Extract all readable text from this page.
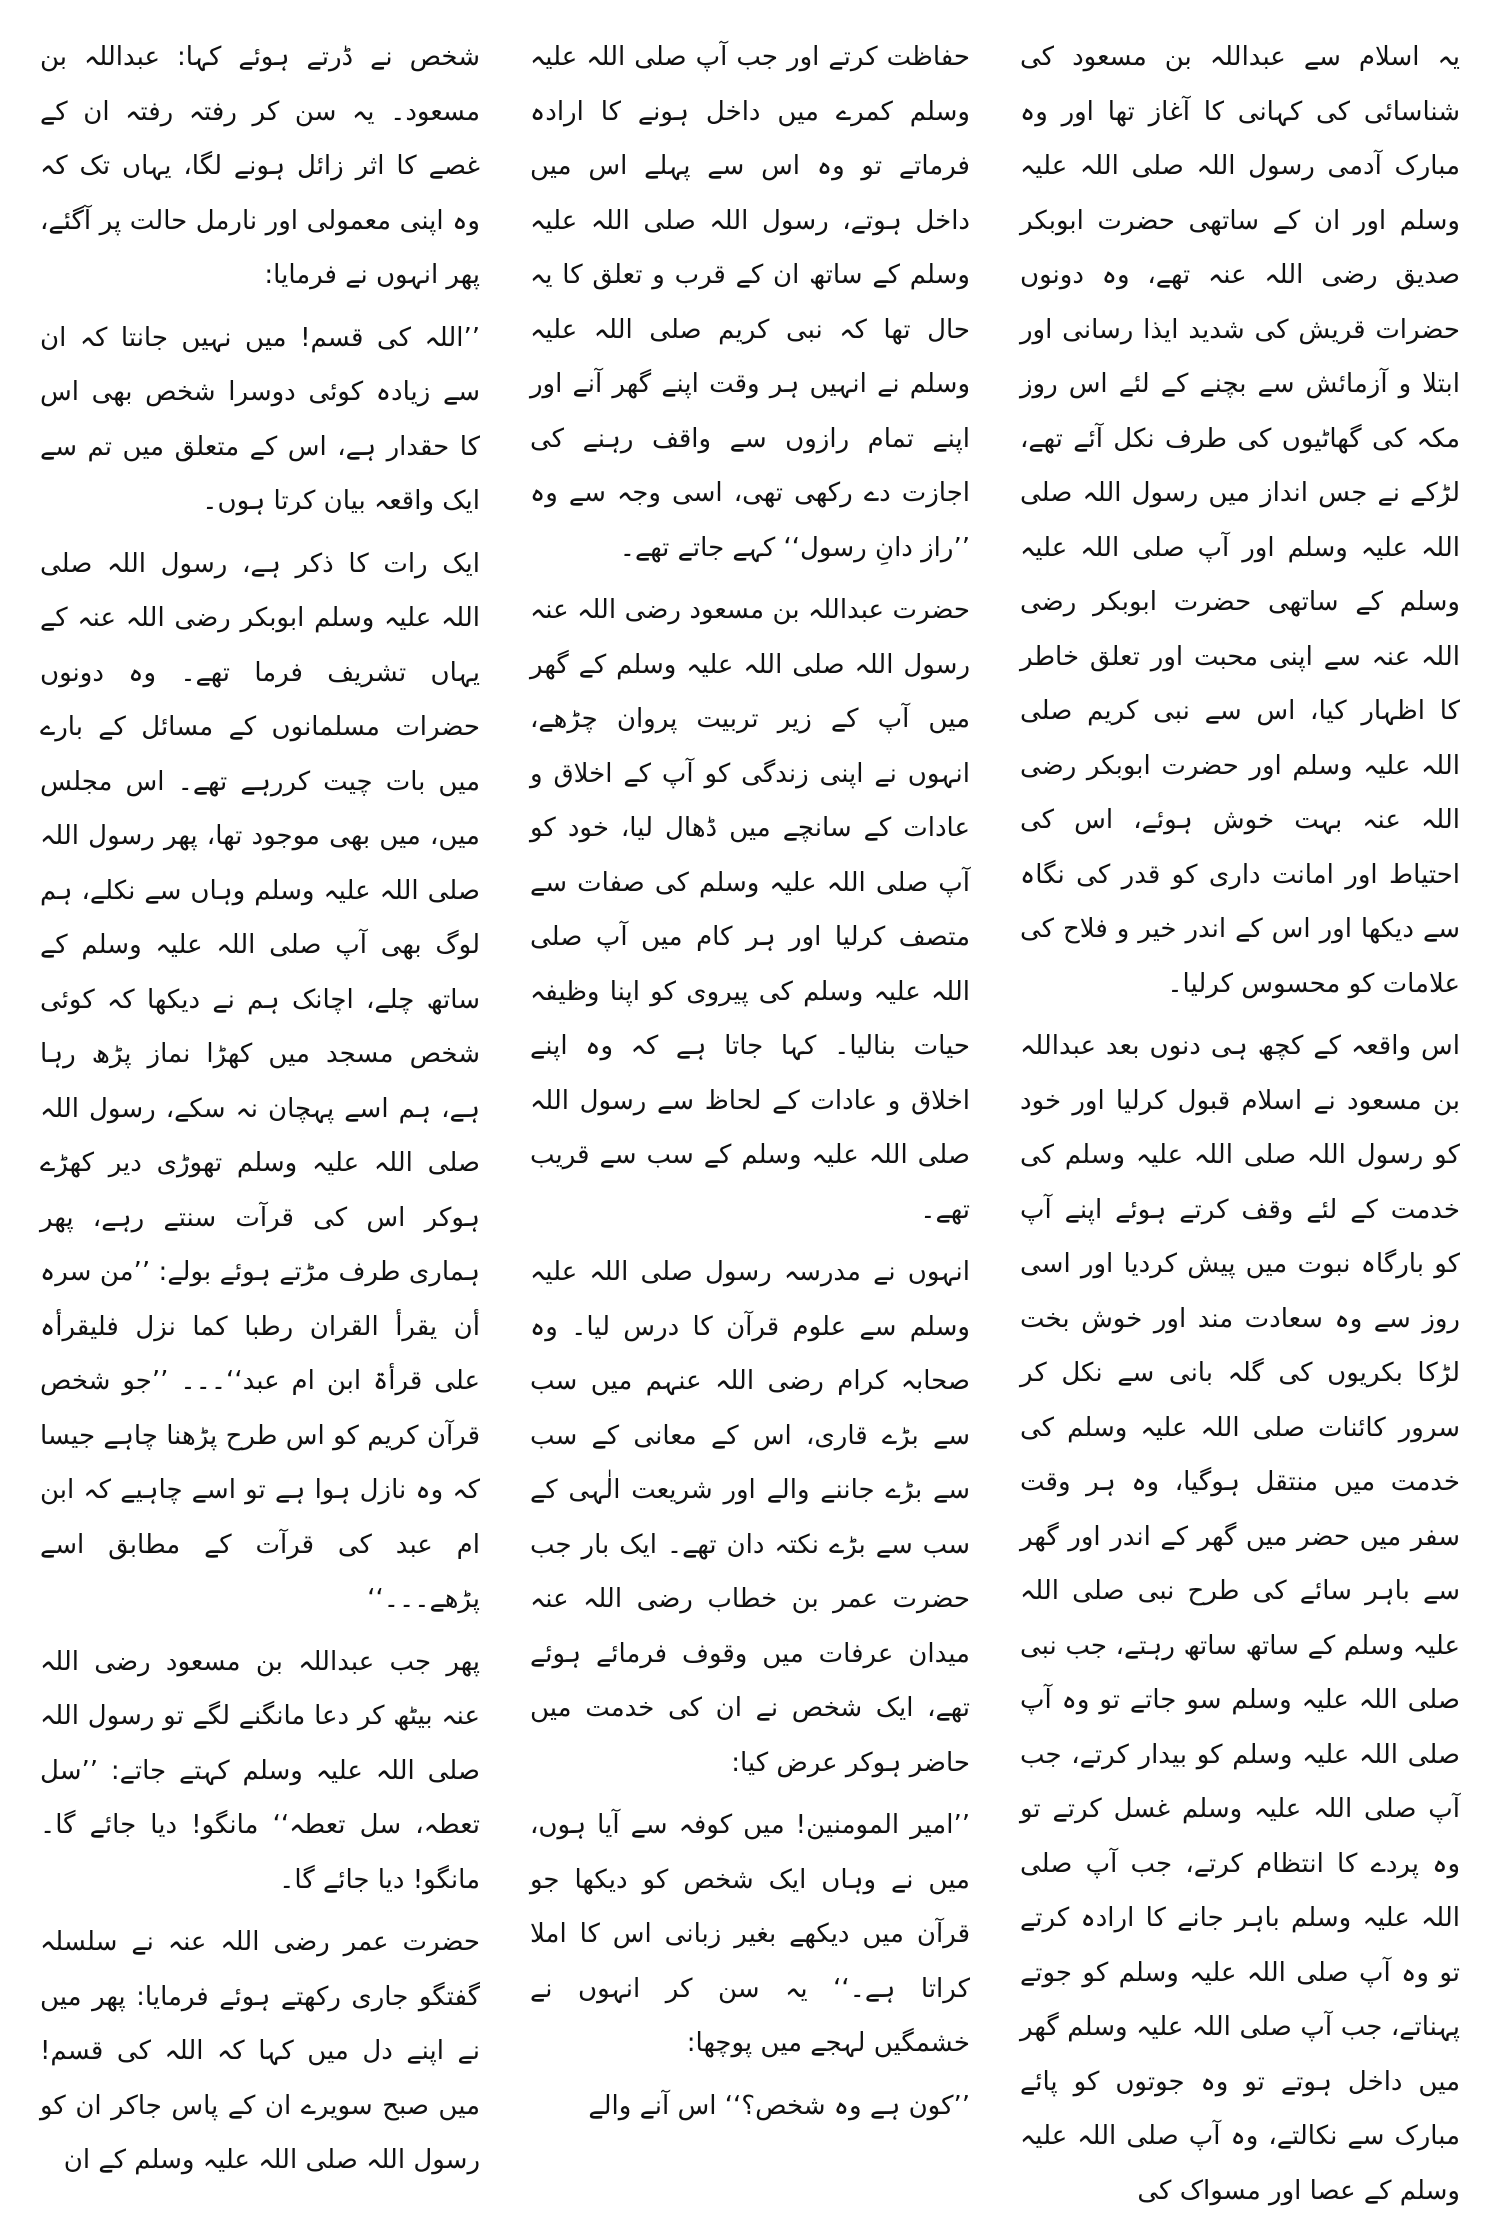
یہ اسلام سے عبداللہ بن مسعود کی شناسائی کی کہانی کا آغاز تھا اور وہ مبارک آدمی رسول اللہ صلی اللہ علیہ وسلم اور ان کے ساتھی حضرت ابوبکر صدیق رضی اللہ عنہ تھے، وہ دونوں حضرات قریش کی شدید ایذا رسانی اور ابتلا و آزمائش سے بچنے کے لئے اس روز مکہ کی گھاٹیوں کی طرف نکل آئے تھے، لڑکے نے جس انداز میں رسول اللہ صلی اللہ علیہ وسلم اور آپ صلی اللہ علیہ وسلم کے ساتھی حضرت ابوبکر رضی اللہ عنہ سے اپنی محبت اور تعلق خاطر کا اظہار کیا، اس سے نبی کریم صلی اللہ علیہ وسلم اور حضرت ابوبکر رضی اللہ عنہ بہت خوش ہوئے، اس کی احتیاط اور امانت داری کو قدر کی نگاہ سے دیکھا اور اس کے اندر خیر و فلاح کی علامات کو محسوس کرلیا۔

اس واقعہ کے کچھ ہی دنوں بعد عبداللہ بن مسعود نے اسلام قبول کرلیا اور خود کو رسول اللہ صلی اللہ علیہ وسلم کی خدمت کے لئے وقف کرتے ہوئے اپنے آپ کو بارگاہ نبوت میں پیش کردیا اور اسی روز سے وہ سعادت مند اور خوش بخت لڑکا بکریوں کی گلہ بانی سے نکل کر سرور کائنات صلی اللہ علیہ وسلم کی خدمت میں منتقل ہوگیا، وہ ہر وقت سفر میں حضر میں گھر کے اندر اور گھر سے باہر سائے کی طرح نبی صلی اللہ علیہ وسلم کے ساتھ ساتھ رہتے، جب نبی صلی اللہ علیہ وسلم سو جاتے تو وہ آپ صلی اللہ علیہ وسلم کو بیدار کرتے، جب آپ صلی اللہ علیہ وسلم غسل کرتے تو وہ پردے کا انتظام کرتے، جب آپ صلی اللہ علیہ وسلم باہر جانے کا ارادہ کرتے تو وہ آپ صلی اللہ علیہ وسلم کو جوتے پہناتے، جب آپ صلی اللہ علیہ وسلم گھر میں داخل ہوتے تو وہ جوتوں کو پائے مبارک سے نکالتے، وہ آپ صلی اللہ علیہ وسلم کے عصا اور مسواک کی

حفاظت کرتے اور جب آپ صلی اللہ علیہ وسلم کمرے میں داخل ہونے کا ارادہ فرماتے تو وہ اس سے پہلے اس میں داخل ہوتے، رسول اللہ صلی اللہ علیہ وسلم کے ساتھ ان کے قرب و تعلق کا یہ حال تھا کہ نبی کریم صلی اللہ علیہ وسلم نے انہیں ہر وقت اپنے گھر آنے اور اپنے تمام رازوں سے واقف رہنے کی اجازت دے رکھی تھی، اسی وجہ سے وہ ’’راز دانِ رسول‘‘ کہے جاتے تھے۔

حضرت عبداللہ بن مسعود رضی اللہ عنہ رسول اللہ صلی اللہ علیہ وسلم کے گھر میں آپ کے زیر تربیت پروان چڑھے، انہوں نے اپنی زندگی کو آپ کے اخلاق و عادات کے سانچے میں ڈھال لیا، خود کو آپ صلی اللہ علیہ وسلم کی صفات سے متصف کرلیا اور ہر کام میں آپ صلی اللہ علیہ وسلم کی پیروی کو اپنا وظیفہ حیات بنالیا۔ کہا جاتا ہے کہ وہ اپنے اخلاق و عادات کے لحاظ سے رسول اللہ صلی اللہ علیہ وسلم کے سب سے قریب تھے۔

انہوں نے مدرسہ رسول صلی اللہ علیہ وسلم سے علوم قرآن کا درس لیا۔ وہ صحابہ کرام رضی اللہ عنہم میں سب سے بڑے قاری، اس کے معانی کے سب سے بڑے جاننے والے اور شریعت الٰہی کے سب سے بڑے نکتہ دان تھے۔ ایک بار جب حضرت عمر بن خطاب رضی اللہ عنہ میدان عرفات میں وقوف فرمائے ہوئے تھے، ایک شخص نے ان کی خدمت میں حاضر ہوکر عرض کیا:

’’امیر المومنین! میں کوفہ سے آیا ہوں، میں نے وہاں ایک شخص کو دیکھا جو قرآن میں دیکھے بغیر زبانی اس کا املا کراتا ہے۔‘‘ یہ سن کر انہوں نے خشمگیں لہجے میں پوچھا:

’’کون ہے وہ شخص؟‘‘ اس آنے والے

شخص نے ڈرتے ہوئے کہا: عبداللہ بن مسعود۔ یہ سن کر رفتہ رفتہ ان کے غصے کا اثر زائل ہونے لگا، یہاں تک کہ وہ اپنی معمولی اور نارمل حالت پر آگئے، پھر انہوں نے فرمایا:

’’اللہ کی قسم! میں نہیں جانتا کہ ان سے زیادہ کوئی دوسرا شخص بھی اس کا حقدار ہے، اس کے متعلق میں تم سے ایک واقعہ بیان کرتا ہوں۔

ایک رات کا ذکر ہے، رسول اللہ صلی اللہ علیہ وسلم ابوبکر رضی اللہ عنہ کے یہاں تشریف فرما تھے۔ وہ دونوں حضرات مسلمانوں کے مسائل کے بارے میں بات چیت کررہے تھے۔ اس مجلس میں، میں بھی موجود تھا، پھر رسول اللہ صلی اللہ علیہ وسلم وہاں سے نکلے، ہم لوگ بھی آپ صلی اللہ علیہ وسلم کے ساتھ چلے، اچانک ہم نے دیکھا کہ کوئی شخص مسجد میں کھڑا نماز پڑھ رہا ہے، ہم اسے پہچان نہ سکے، رسول اللہ صلی اللہ علیہ وسلم تھوڑی دیر کھڑے ہوکر اس کی قرآت سنتے رہے، پھر ہماری طرف مڑتے ہوئے بولے: ’’من سرہ أن یقرأ القران رطبا کما نزل فلیقرأہ علی قرأۃ ابن ام عبد‘‘۔۔۔ ’’جو شخص قرآن کریم کو اس طرح پڑھنا چاہے جیسا کہ وہ نازل ہوا ہے تو اسے چاہیے کہ ابن ام عبد کی قرآت کے مطابق اسے پڑھے۔۔۔‘‘

پھر جب عبداللہ بن مسعود رضی اللہ عنہ بیٹھ کر دعا مانگنے لگے تو رسول اللہ صلی اللہ علیہ وسلم کہتے جاتے: ’’سل تعطہ، سل تعطہ‘‘ مانگو! دیا جائے گا۔ مانگو! دیا جائے گا۔

حضرت عمر رضی اللہ عنہ نے سلسلہ گفتگو جاری رکھتے ہوئے فرمایا: پھر میں نے اپنے دل میں کہا کہ اللہ کی قسم! میں صبح سویرے ان کے پاس جاکر ان کو رسول اللہ صلی اللہ علیہ وسلم کے ان
